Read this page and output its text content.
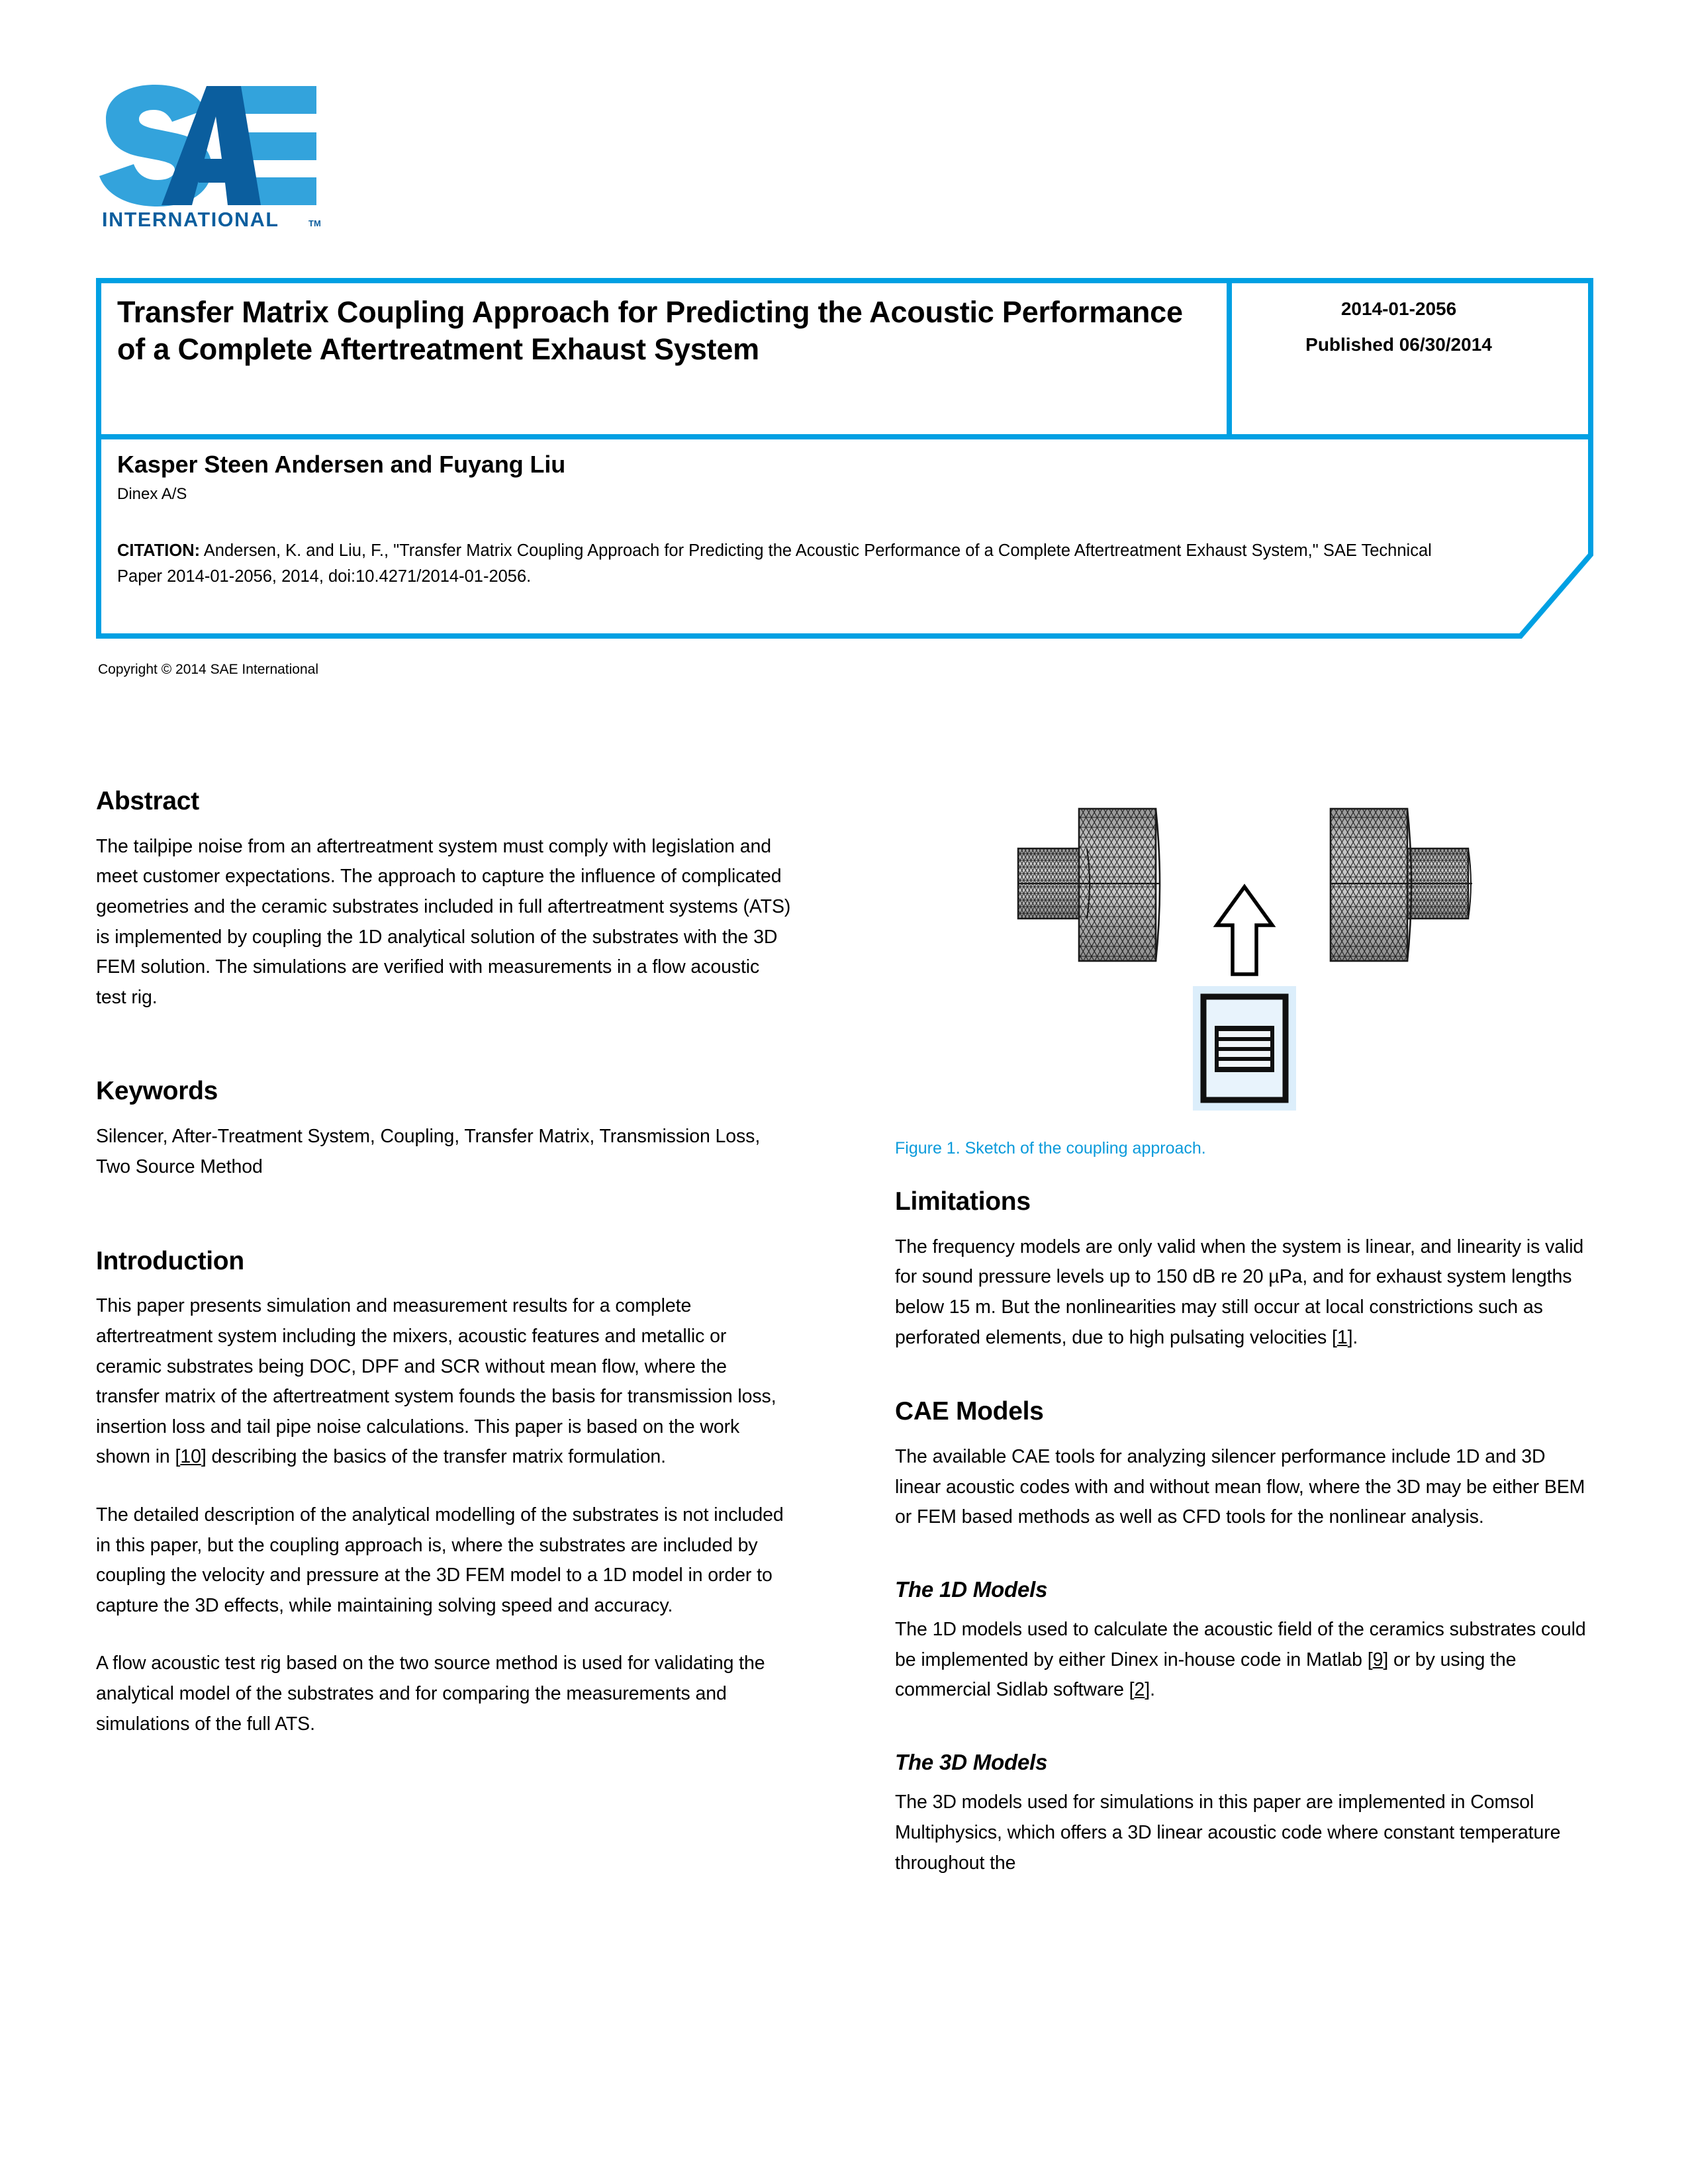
INTERNATIONAL	TM
Transfer Matrix Coupling Approach for Predicting the Acoustic Performance of a Complete Aftertreatment Exhaust System
2014-01-2056
Published 06/30/2014
Kasper Steen Andersen and Fuyang Liu
Dinex A/S
CITATION: Andersen, K. and Liu, F., "Transfer Matrix Coupling Approach for Predicting the Acoustic Performance of a Complete Aftertreatment Exhaust System," SAE Technical Paper 2014-01-2056, 2014, doi:10.4271/2014-01-2056.
Copyright © 2014 SAE International
Abstract

The tailpipe noise from an aftertreatment system must comply with legislation and meet customer expectations. The approach to capture the influence of complicated geometries and the ceramic substrates included in full aftertreatment systems (ATS) is implemented by coupling the 1D analytical solution of the substrates with the 3D FEM solution. The simulations are verified with measurements in a flow acoustic test rig.

Keywords

Silencer, After-Treatment System, Coupling, Transfer Matrix, Transmission Loss, Two Source Method

Introduction

This paper presents simulation and measurement results for a complete aftertreatment system including the mixers, acoustic features and metallic or ceramic substrates being DOC, DPF and SCR without mean flow, where the transfer matrix of the aftertreatment system founds the basis for transmission loss, insertion loss and tail pipe noise calculations. This paper is based on the work shown in [10] describing the basics of the transfer matrix formulation.

The detailed description of the analytical modelling of the substrates is not included in this paper, but the coupling approach is, where the substrates are included by coupling the velocity and pressure at the 3D FEM model to a 1D model in order to capture the 3D effects, while maintaining solving speed and accuracy.

A flow acoustic test rig based on the two source method is used for validating the analytical model of the substrates and for comparing the measurements and simulations of the full ATS.

Figure 1. Sketch of the coupling approach.

Limitations

The frequency models are only valid when the system is linear, and linearity is valid for sound pressure levels up to 150 dB re 20 µPa, and for exhaust system lengths below 15 m. But the nonlinearities may still occur at local constrictions such as perforated elements, due to high pulsating velocities [1].

CAE Models

The available CAE tools for analyzing silencer performance include 1D and 3D linear acoustic codes with and without mean flow, where the 3D may be either BEM or FEM based methods as well as CFD tools for the nonlinear analysis.

The 1D Models

The 1D models used to calculate the acoustic field of the ceramics substrates could be implemented by either Dinex in-house code in Matlab [9] or by using the commercial Sidlab software [2].

The 3D Models

The 3D models used for simulations in this paper are implemented in Comsol Multiphysics, which offers a 3D linear acoustic code where constant temperature throughout the
